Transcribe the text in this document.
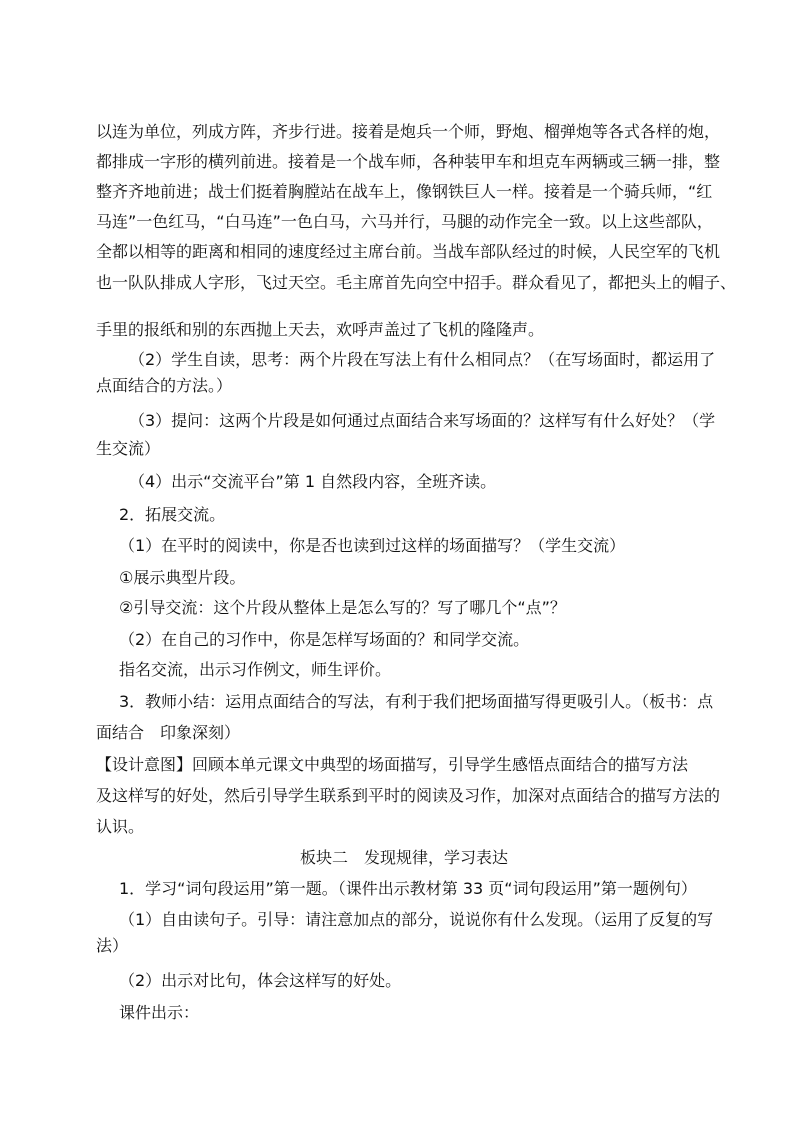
以连为单位，列成方阵，齐步行进。接着是炮兵一个师，野炮、榴弹炮等各式各样的炮，
都排成一字形的横列前进。接着是一个战车师，各种装甲车和坦克车两辆或三辆一排，整
整齐齐地前进；战士们挺着胸膛站在战车上，像钢铁巨人一样。接着是一个骑兵师，“红
马连”一色红马，“白马连”一色白马，六马并行，马腿的动作完全一致。以上这些部队，
全都以相等的距离和相同的速度经过主席台前。当战车部队经过的时候，人民空军的飞机
也一队队排成人字形，飞过天空。毛主席首先向空中招手。群众看见了，都把头上的帽子、
手里的报纸和别的东西抛上天去，欢呼声盖过了飞机的隆隆声。
（2）学生自读，思考：两个片段在写法上有什么相同点？（在写场面时，都运用了
点面结合的方法。）
（3）提问：这两个片段是如何通过点面结合来写场面的？这样写有什么好处？（学
生交流）
（4）出示“交流平台”第 1 自然段内容，全班齐读。
2．拓展交流。
（1）在平时的阅读中，你是否也读到过这样的场面描写？（学生交流）
①展示典型片段。
②引导交流：这个片段从整体上是怎么写的？写了哪几个“点”？
（2）在自己的习作中，你是怎样写场面的？和同学交流。
指名交流，出示习作例文，师生评价。
3．教师小结：运用点面结合的写法，有利于我们把场面描写得更吸引人。（板书：点
面结合　印象深刻）
【设计意图】回顾本单元课文中典型的场面描写，引导学生感悟点面结合的描写方法
及这样写的好处，然后引导学生联系到平时的阅读及习作，加深对点面结合的描写方法的
认识。
板块二　发现规律，学习表达
1．学习“词句段运用”第一题。（课件出示教材第 33 页“词句段运用”第一题例句）
（1）自由读句子。引导：请注意加点的部分，说说你有什么发现。（运用了反复的写
法）
（2）出示对比句，体会这样写的好处。
课件出示：
